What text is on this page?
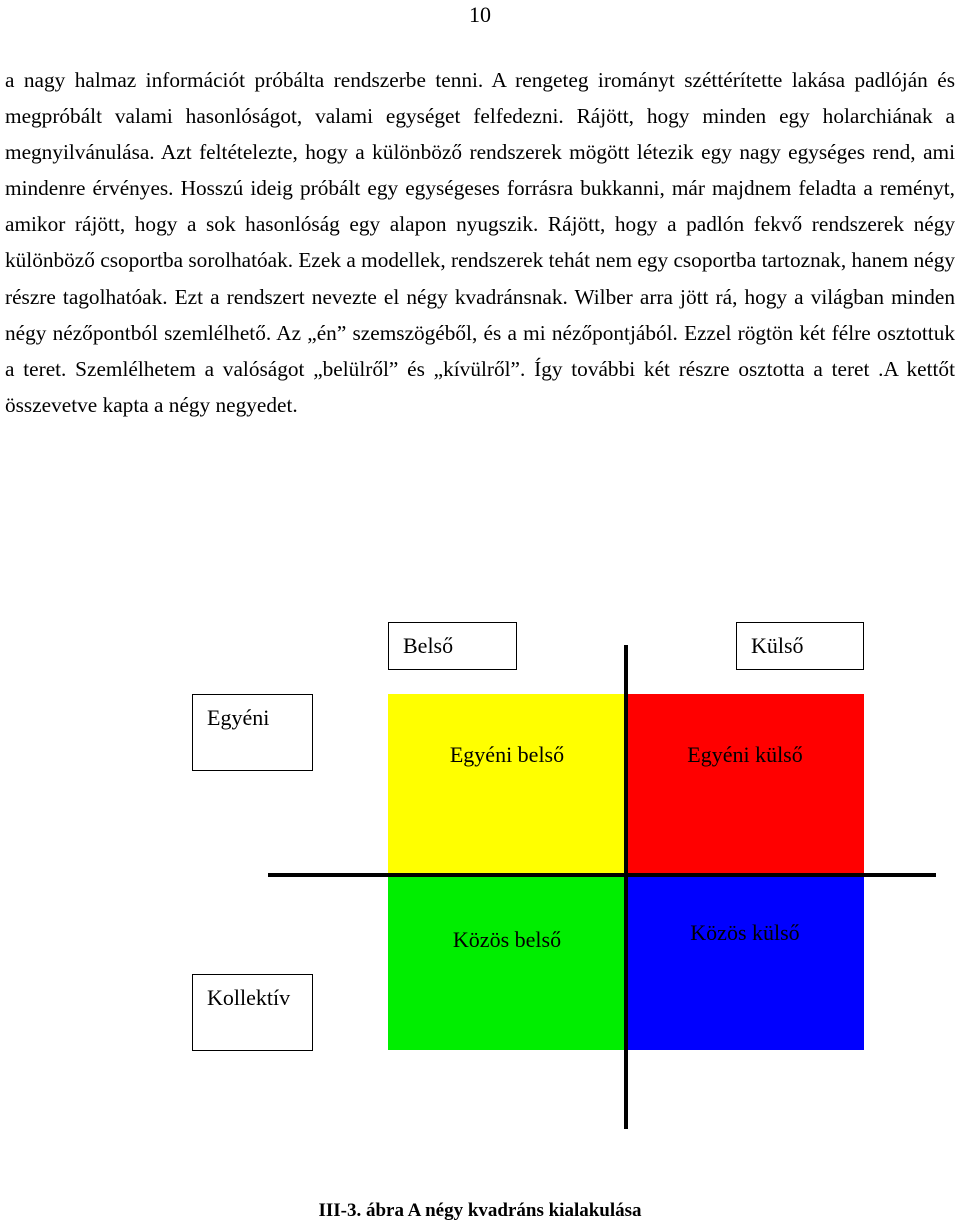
10

a nagy halmaz információt próbálta rendszerbe tenni. A rengeteg irományt széttérítette lakása padlóján és megpróbált valami hasonlóságot, valami egységet felfedezni. Rájött, hogy minden egy holarchiának a megnyilvánulása. Azt feltételezte, hogy a különböző rendszerek mögött létezik egy nagy egységes rend, ami mindenre érvényes. Hosszú ideig próbált egy egységeses forrásra bukkanni, már majdnem feladta a reményt, amikor rájött, hogy a sok hasonlóság egy alapon nyugszik. Rájött, hogy a padlón fekvő rendszerek négy különböző csoportba sorolhatóak. Ezek a modellek, rendszerek tehát nem egy csoportba tartoznak, hanem négy részre tagolhatóak. Ezt a rendszert nevezte el négy kvadránsnak. Wilber arra jött rá, hogy a világban minden négy nézőpontból szemlélhető. Az „én” szemszögéből, és a mi nézőpontjából. Ezzel rögtön két félre osztottuk a teret. Szemlélhetem a valóságot „belülről” és „kívülről”. Így további két részre osztotta a teret .A kettőt összevetve kapta a négy negyedet.

Belső	Külső
Egyéni
Kollektív
Egyéni belső	Egyéni külső
Közös belső	Közös külső
III-3. ábra A négy kvadráns kialakulása
